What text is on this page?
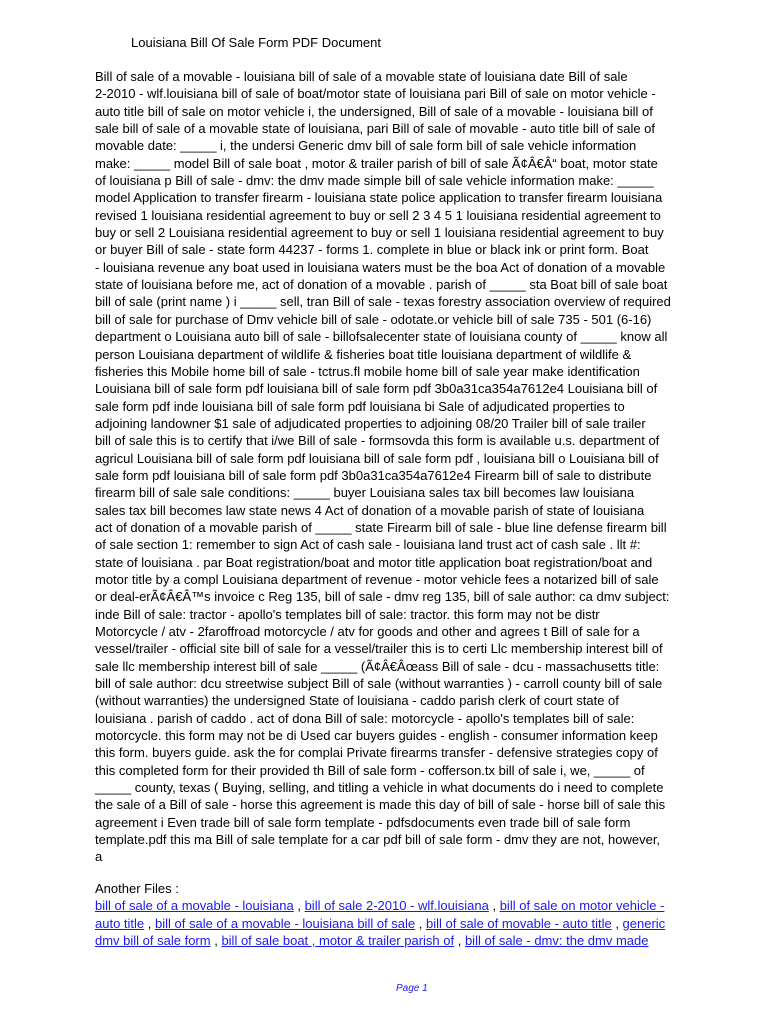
Louisiana Bill Of Sale Form PDF Document
Bill of sale of a movable - louisiana bill of sale of a movable state of louisiana date Bill of sale
2-2010 - wlf.louisiana bill of sale of boat/motor state of louisiana pari Bill of sale on motor vehicle -
auto title bill of sale on motor vehicle i, the undersigned, Bill of sale of a movable - louisiana bill of
sale bill of sale of a movable state of louisiana, pari Bill of sale of movable - auto title bill of sale of
movable date: _____ i, the undersi Generic dmv bill of sale form bill of sale vehicle information
make: _____ model Bill of sale boat , motor & trailer parish of bill of sale Ã¢Â€Â“ boat, motor state
of louisiana p Bill of sale - dmv: the dmv made simple bill of sale vehicle information make: _____
model Application to transfer firearm - louisiana state police application to transfer firearm louisiana
revised 1 louisiana residential agreement to buy or sell 2 3 4 5 1 louisiana residential agreement to
buy or sell 2 Louisiana residential agreement to buy or sell 1 louisiana residential agreement to buy
or buyer Bill of sale - state form 44237 - forms 1. complete in blue or black ink or print form. Boat
- louisiana revenue any boat used in louisiana waters must be the boa Act of donation of a movable
state of louisiana before me, act of donation of a movable . parish of _____ sta Boat bill of sale boat
bill of sale (print name ) i _____ sell, tran Bill of sale - texas forestry association overview of required
bill of sale for purchase of Dmv vehicle bill of sale - odotate.or vehicle bill of sale 735 - 501 (6-16)
department o Louisiana auto bill of sale - billofsalecenter state of louisiana county of _____ know all
person Louisiana department of wildlife & fisheries boat title louisiana department of wildlife &
fisheries this Mobile home bill of sale - tctrus.fl mobile home bill of sale year make identification
Louisiana bill of sale form pdf louisiana bill of sale form pdf 3b0a31ca354a7612e4 Louisiana bill of
sale form pdf inde louisiana bill of sale form pdf louisiana bi Sale of adjudicated properties to
adjoining landowner $1 sale of adjudicated properties to adjoining 08/20 Trailer bill of sale trailer
bill of sale this is to certify that i/we Bill of sale - formsovda this form is available u.s. department of
agricul Louisiana bill of sale form pdf louisiana bill of sale form pdf , louisiana bill o Louisiana bill of
sale form pdf louisiana bill of sale form pdf 3b0a31ca354a7612e4 Firearm bill of sale to distribute
firearm bill of sale sale conditions: _____ buyer Louisiana sales tax bill becomes law louisiana
sales tax bill becomes law state news 4 Act of donation of a movable parish of state of louisiana
act of donation of a movable parish of _____ state Firearm bill of sale - blue line defense firearm bill
of sale section 1: remember to sign Act of cash sale - louisiana land trust act of cash sale . llt #:
state of louisiana . par Boat registration/boat and motor title application boat registration/boat and
motor title by a compl Louisiana department of revenue - motor vehicle fees a notarized bill of sale
or deal-erÃ¢Â€Â™s invoice c Reg 135, bill of sale - dmv reg 135, bill of sale author: ca dmv subject:
inde Bill of sale: tractor - apollo's templates bill of sale: tractor. this form may not be distr
Motorcycle / atv - 2faroffroad motorcycle / atv for goods and other and agrees t Bill of sale for a
vessel/trailer - official site bill of sale for a vessel/trailer this is to certi Llc membership interest bill of
sale llc membership interest bill of sale _____ (Ã¢Â€Âœass Bill of sale - dcu - massachusetts title:
bill of sale author: dcu streetwise subject Bill of sale (without warranties ) - carroll county bill of sale
(without warranties) the undersigned State of louisiana - caddo parish clerk of court state of
louisiana . parish of caddo . act of dona Bill of sale: motorcycle - apollo's templates bill of sale:
motorcycle. this form may not be di Used car buyers guides - english - consumer information keep
this form. buyers guide. ask the for complai Private firearms transfer - defensive strategies copy of
this completed form for their provided th Bill of sale form - cofferson.tx bill of sale i, we, _____ of
_____ county, texas ( Buying, selling, and titling a vehicle in what documents do i need to complete
the sale of a Bill of sale - horse this agreement is made this day of bill of sale - horse bill of sale this
agreement i Even trade bill of sale form template - pdfsdocuments even trade bill of sale form
template.pdf this ma Bill of sale template for a car pdf bill of sale form - dmv they are not, however,
a
Another Files :
bill of sale of a movable - louisiana , bill of sale 2-2010 - wlf.louisiana , bill of sale on motor vehicle -
auto title , bill of sale of a movable - louisiana bill of sale , bill of sale of movable - auto title , generic
dmv bill of sale form , bill of sale boat , motor & trailer parish of , bill of sale - dmv: the dmv made
Page 1
